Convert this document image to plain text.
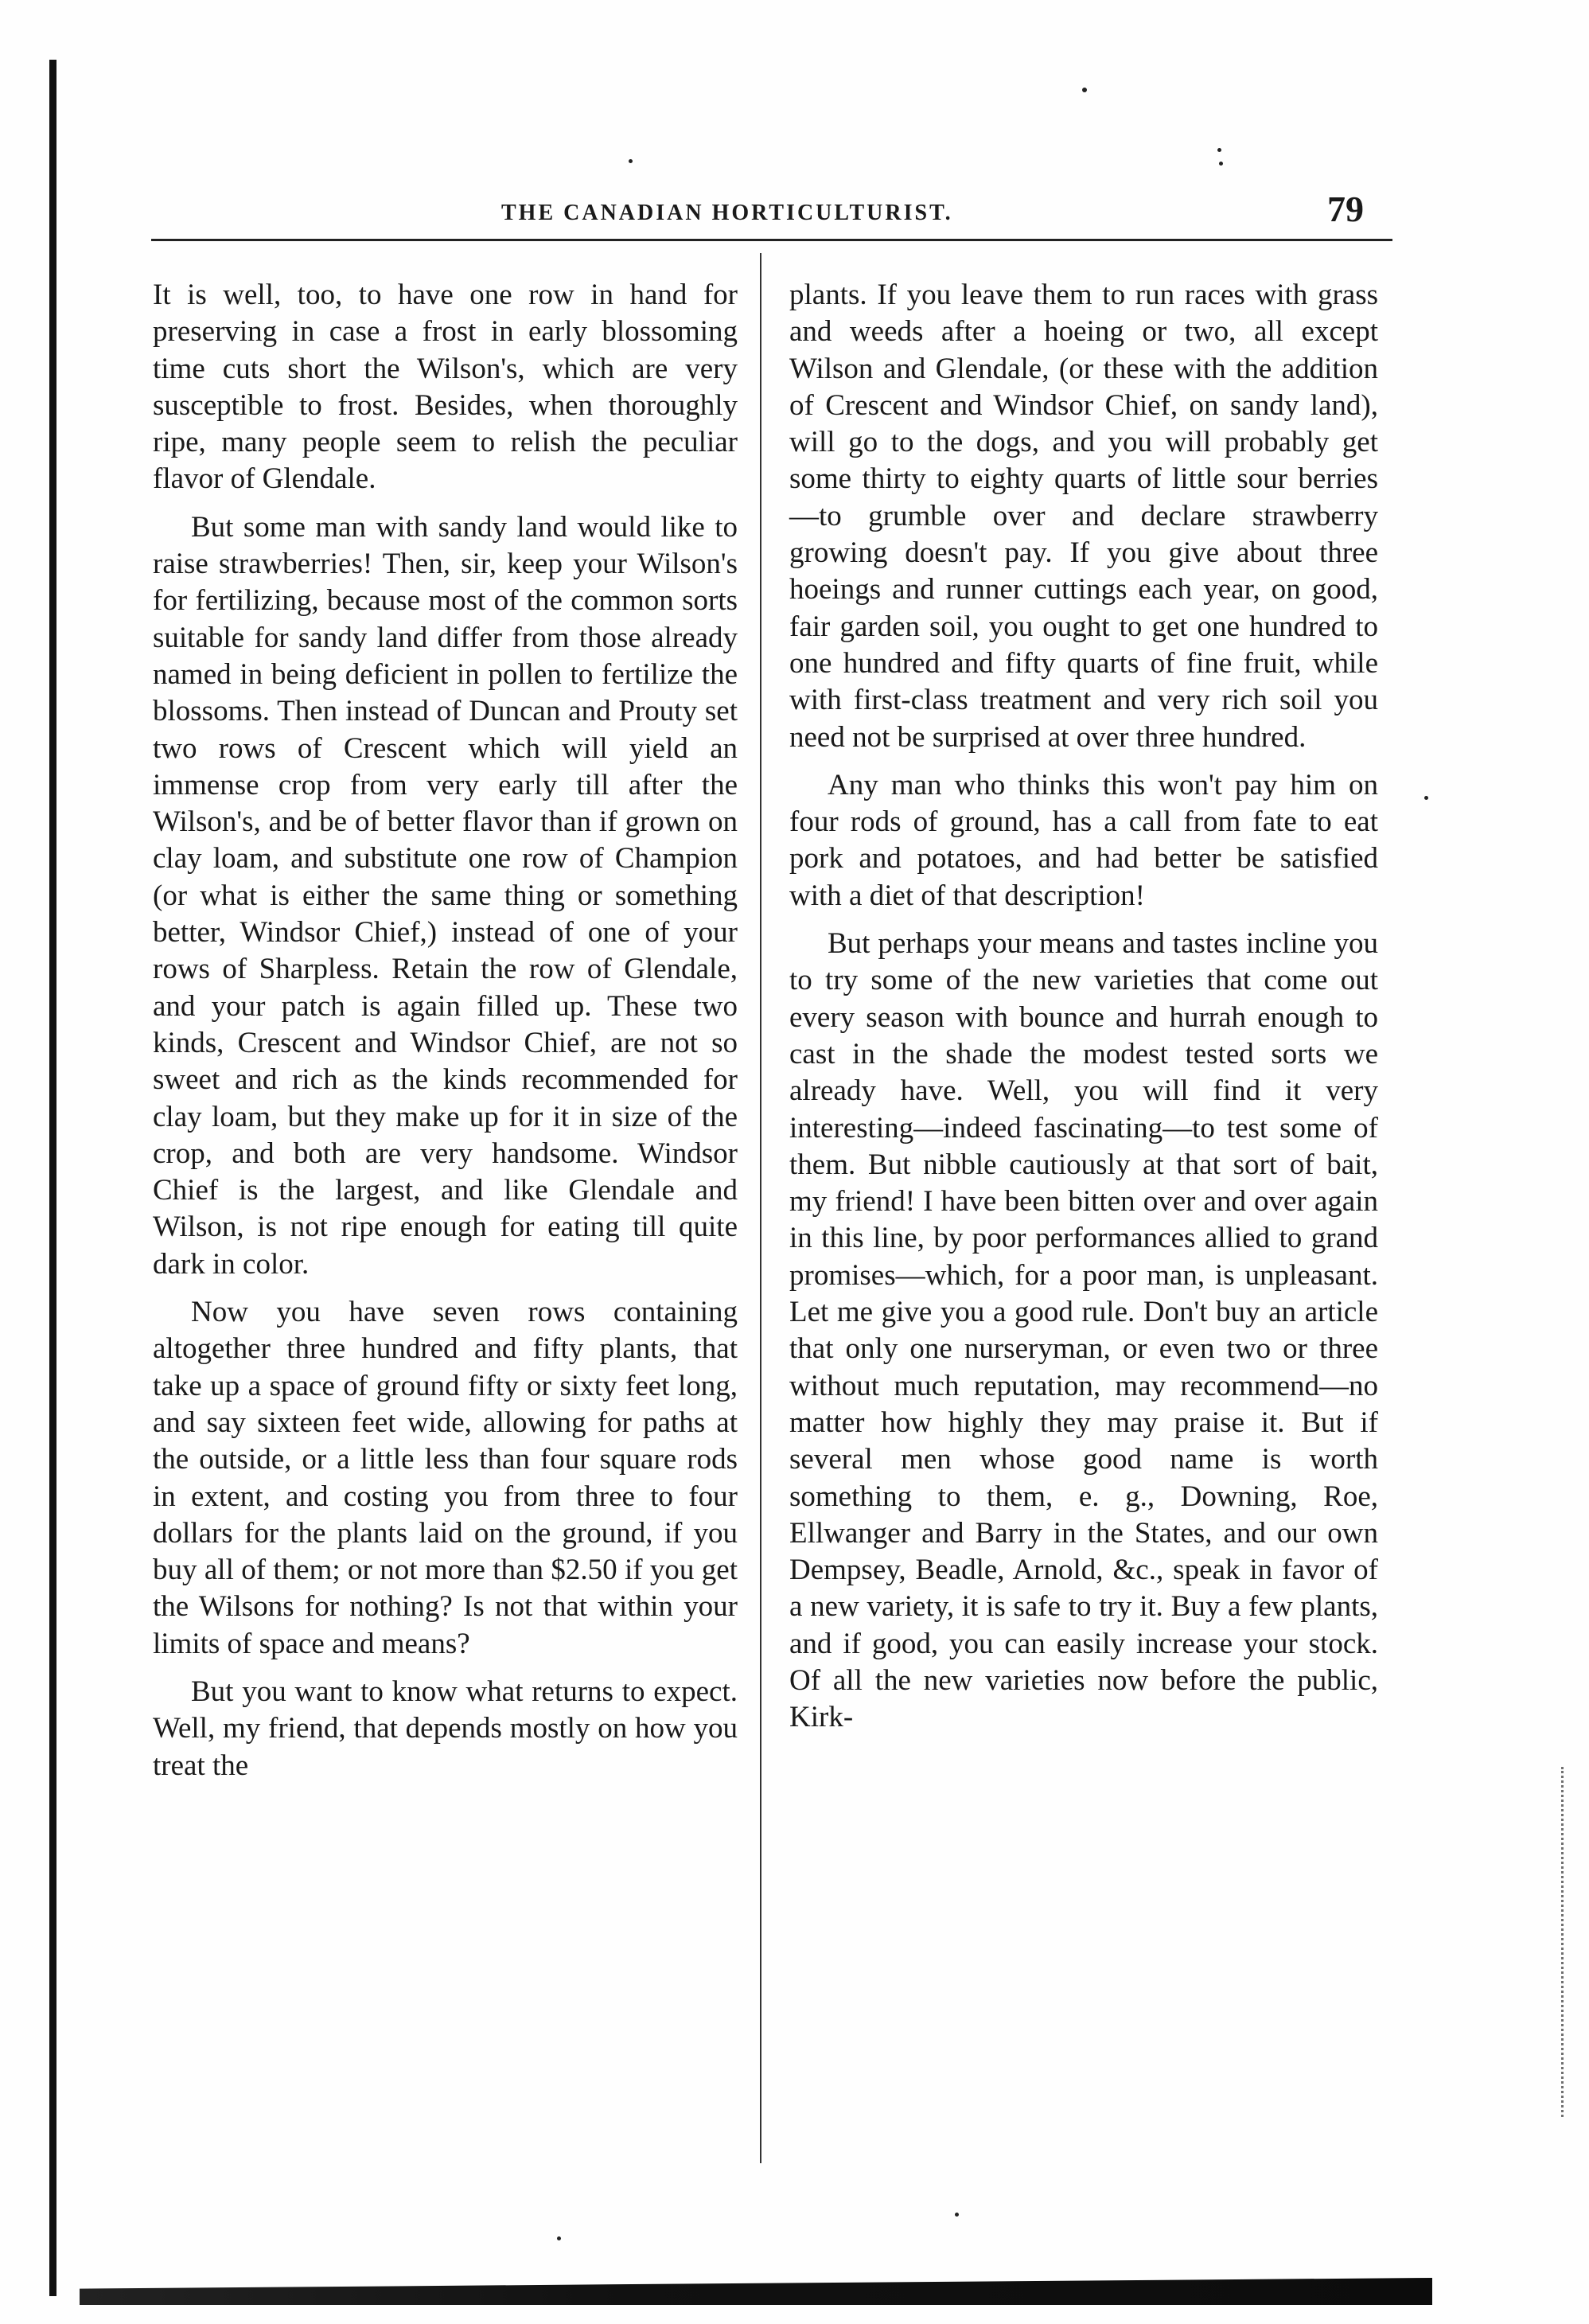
THE CANADIAN HORTICULTURIST.	79

It is well, too, to have one row in hand for preserving in case a frost in early blossoming time cuts short the Wilson's, which are very susceptible to frost. Besides, when thoroughly ripe, many people seem to relish the peculiar flavor of Glendale.

But some man with sandy land would like to raise strawberries! Then, sir, keep your Wilson's for fertilizing, because most of the common sorts suitable for sandy land differ from those already named in being deficient in pollen to fertilize the blossoms. Then instead of Duncan and Prouty set two rows of Crescent which will yield an immense crop from very early till after the Wilson's, and be of better flavor than if grown on clay loam, and substitute one row of Champion (or what is either the same thing or something better, Windsor Chief,) instead of one of your rows of Sharpless. Retain the row of Glendale, and your patch is again filled up. These two kinds, Crescent and Windsor Chief, are not so sweet and rich as the kinds recommended for clay loam, but they make up for it in size of the crop, and both are very handsome. Windsor Chief is the largest, and like Glendale and Wilson, is not ripe enough for eating till quite dark in color.

Now you have seven rows containing altogether three hundred and fifty plants, that take up a space of ground fifty or sixty feet long, and say sixteen feet wide, allowing for paths at the outside, or a little less than four square rods in extent, and costing you from three to four dollars for the plants laid on the ground, if you buy all of them; or not more than $2.50 if you get the Wilsons for nothing? Is not that within your limits of space and means?

But you want to know what returns to expect. Well, my friend, that depends mostly on how you treat the

plants. If you leave them to run races with grass and weeds after a hoeing or two, all except Wilson and Glendale, (or these with the addition of Crescent and Windsor Chief, on sandy land), will go to the dogs, and you will probably get some thirty to eighty quarts of little sour berries—to grumble over and declare strawberry growing doesn't pay. If you give about three hoeings and runner cuttings each year, on good, fair garden soil, you ought to get one hundred to one hundred and fifty quarts of fine fruit, while with first-class treatment and very rich soil you need not be surprised at over three hundred.

Any man who thinks this won't pay him on four rods of ground, has a call from fate to eat pork and potatoes, and had better be satisfied with a diet of that description!

But perhaps your means and tastes incline you to try some of the new varieties that come out every season with bounce and hurrah enough to cast in the shade the modest tested sorts we already have. Well, you will find it very interesting—indeed fascinating—to test some of them. But nibble cautiously at that sort of bait, my friend! I have been bitten over and over again in this line, by poor performances allied to grand promises—which, for a poor man, is unpleasant. Let me give you a good rule. Don't buy an article that only one nurseryman, or even two or three without much reputation, may recommend—no matter how highly they may praise it. But if several men whose good name is worth something to them, e. g., Downing, Roe, Ellwanger and Barry in the States, and our own Dempsey, Beadle, Arnold, &c., speak in favor of a new variety, it is safe to try it. Buy a few plants, and if good, you can easily increase your stock. Of all the new varieties now before the public, Kirk-
